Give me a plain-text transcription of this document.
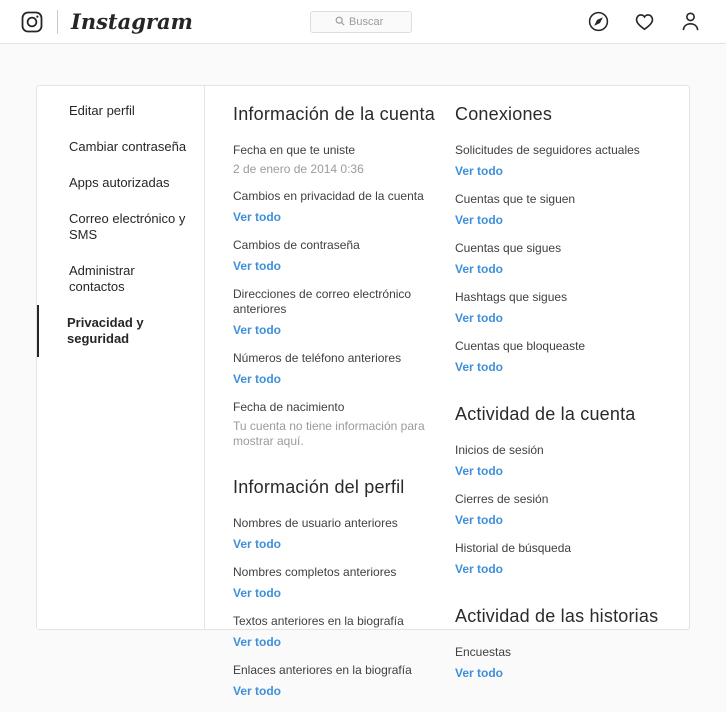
Instagram
Buscar
Editar perfil
Cambiar contraseña
Apps autorizadas
Correo electrónico y SMS
Administrar contactos
Privacidad y seguridad
Información de la cuenta
Fecha en que te uniste
2 de enero de 2014 0:36
Cambios en privacidad de la cuenta
Ver todo
Cambios de contraseña
Ver todo
Direcciones de correo electrónico anteriores
Ver todo
Números de teléfono anteriores
Ver todo
Fecha de nacimiento
Tu cuenta no tiene información para mostrar aquí.
Información del perfil
Nombres de usuario anteriores
Ver todo
Nombres completos anteriores
Ver todo
Textos anteriores en la biografía
Ver todo
Enlaces anteriores en la biografía
Ver todo
Conexiones
Solicitudes de seguidores actuales
Ver todo
Cuentas que te siguen
Ver todo
Cuentas que sigues
Ver todo
Hashtags que sigues
Ver todo
Cuentas que bloqueaste
Ver todo
Actividad de la cuenta
Inicios de sesión
Ver todo
Cierres de sesión
Ver todo
Historial de búsqueda
Ver todo
Actividad de las historias
Encuestas
Ver todo
